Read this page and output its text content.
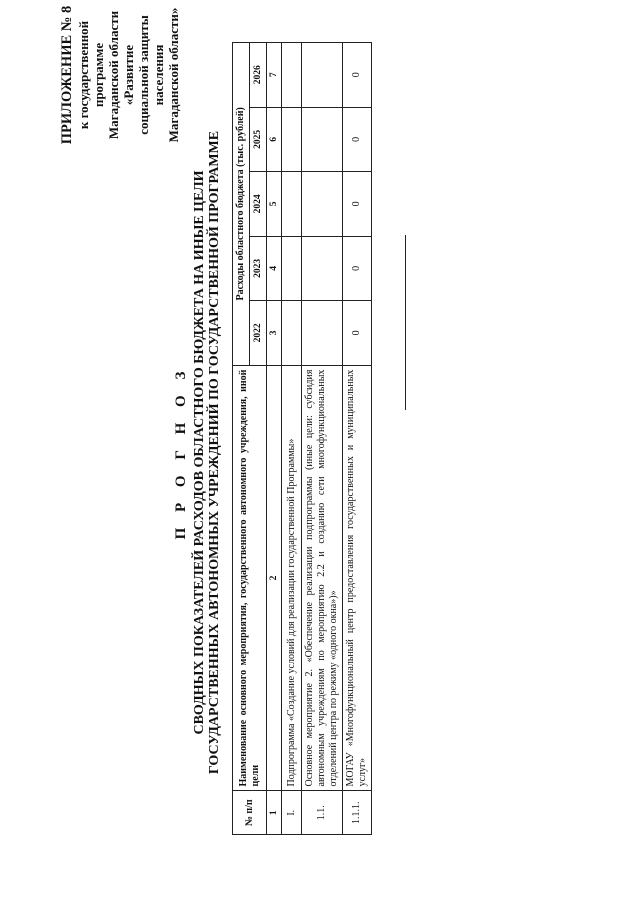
ПРИЛОЖЕНИЕ № 8 к государственной программе Магаданской области «Развитие социальной защиты населения Магаданской области»
П Р О Г Н О З СВОДНЫХ ПОКАЗАТЕЛЕЙ РАСХОДОВ ОБЛАСТНОГО БЮДЖЕТА НА ИНЫЕ ЦЕЛИ ГОСУДАРСТВЕННЫХ АВТОНОМНЫХ УЧРЕЖДЕНИЙ ПО ГОСУДАРСТВЕННОЙ ПРОГРАММЕ
№ п/п	Наименование основного мероприятия, государственного автономного учреждения, иной цели	Расходы областного бюджета (тыс. рублей)				
		2022	2023	2024	2025	2026
1	2	3	4	5	6	7
I.	Подпрограмма «Создание условий для реализации государственной Программы»					
1.1.	Основное мероприятие 2. «Обеспечение реализации подпрограммы (иные цели: субсидия автономным учреждениям по мероприятию 2.2 и созданию сети многофункциональных отделений центра по режиму «одного окна»)»					
1.1.1.	МОГАУ «Многофункциональный центр предоставления государственных и муниципальных услуг»	0	0	0	0	0
